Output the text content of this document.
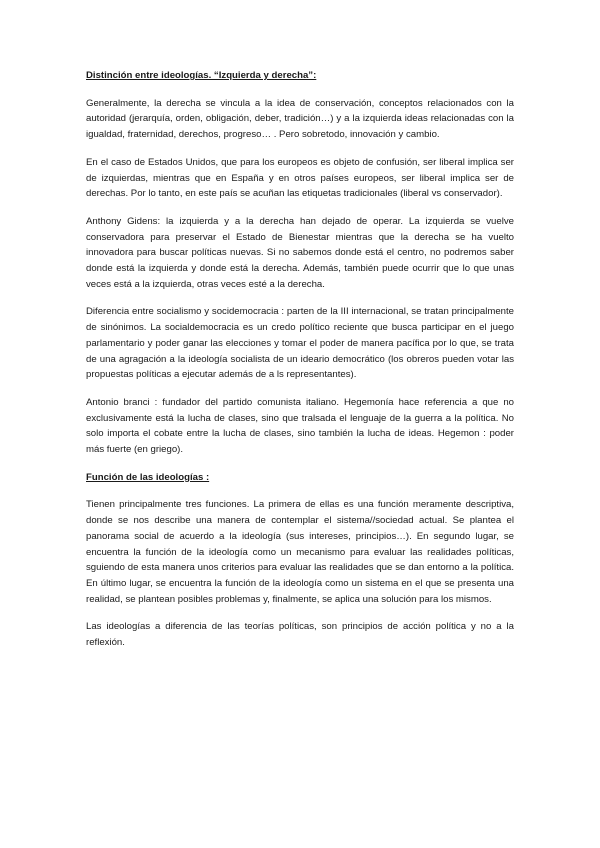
Distinción entre ideologías. “Izquierda y derecha”:

Generalmente, la derecha se vincula a la idea de conservación, conceptos relacionados con la autoridad (jerarquía, orden, obligación, deber, tradición…) y a la izquierda ideas relacionadas con la igualdad, fraternidad, derechos, progreso… . Pero sobretodo, innovación y cambio.

En el caso de Estados Unidos, que para los europeos es objeto de confusión, ser liberal implica ser de izquierdas, mientras que en España y en otros países europeos, ser liberal implica ser de derechas. Por lo tanto, en este país se acuñan las etiquetas tradicionales (liberal vs conservador).

Anthony Gidens: la izquierda y a la derecha han dejado de operar. La izquierda se vuelve conservadora para preservar el Estado de Bienestar mientras que la derecha se ha vuelto innovadora para buscar políticas nuevas. Si no sabemos donde está el centro, no podremos saber donde está la izquierda y donde está la derecha. Además, también puede ocurrir que lo que unas veces está a la izquierda, otras veces esté a la derecha.

Diferencia entre socialismo y socidemocracia : parten de la III internacional, se tratan principalmente de sinónimos. La socialdemocracia es un credo político reciente que busca participar en el juego parlamentario y poder ganar las elecciones y tomar el poder de manera pacífica por lo que, se trata de una agragación a la ideología socialista de un ideario democrático (los obreros pueden votar las propuestas políticas a ejecutar además de a ls representantes).

Antonio branci : fundador del partido comunista italiano. Hegemonía hace referencia a que no exclusivamente está la lucha de clases, sino que tralsada el lenguaje de la guerra a la política. No solo importa el cobate entre la lucha de clases, sino también la lucha de ideas. Hegemon : poder más fuerte (en griego).

Función de las ideologías :

Tienen principalmente tres funciones. La primera de ellas es una función meramente descriptiva, donde se nos describe una manera de contemplar el sistema//sociedad actual. Se plantea el panorama social de acuerdo a la ideología (sus intereses, principios…). En segundo lugar, se encuentra la función de la ideología como un mecanismo para evaluar las realidades políticas, sguiendo de esta manera unos criterios para evaluar las realidades que se dan entorno a la política. En último lugar, se encuentra la función de la ideología como un sistema en el que se presenta una realidad, se plantean posibles problemas y, finalmente, se aplica una solución para los mismos.

Las ideologías a diferencia de las teorías políticas, son principios de acción política y no a la reflexión.
